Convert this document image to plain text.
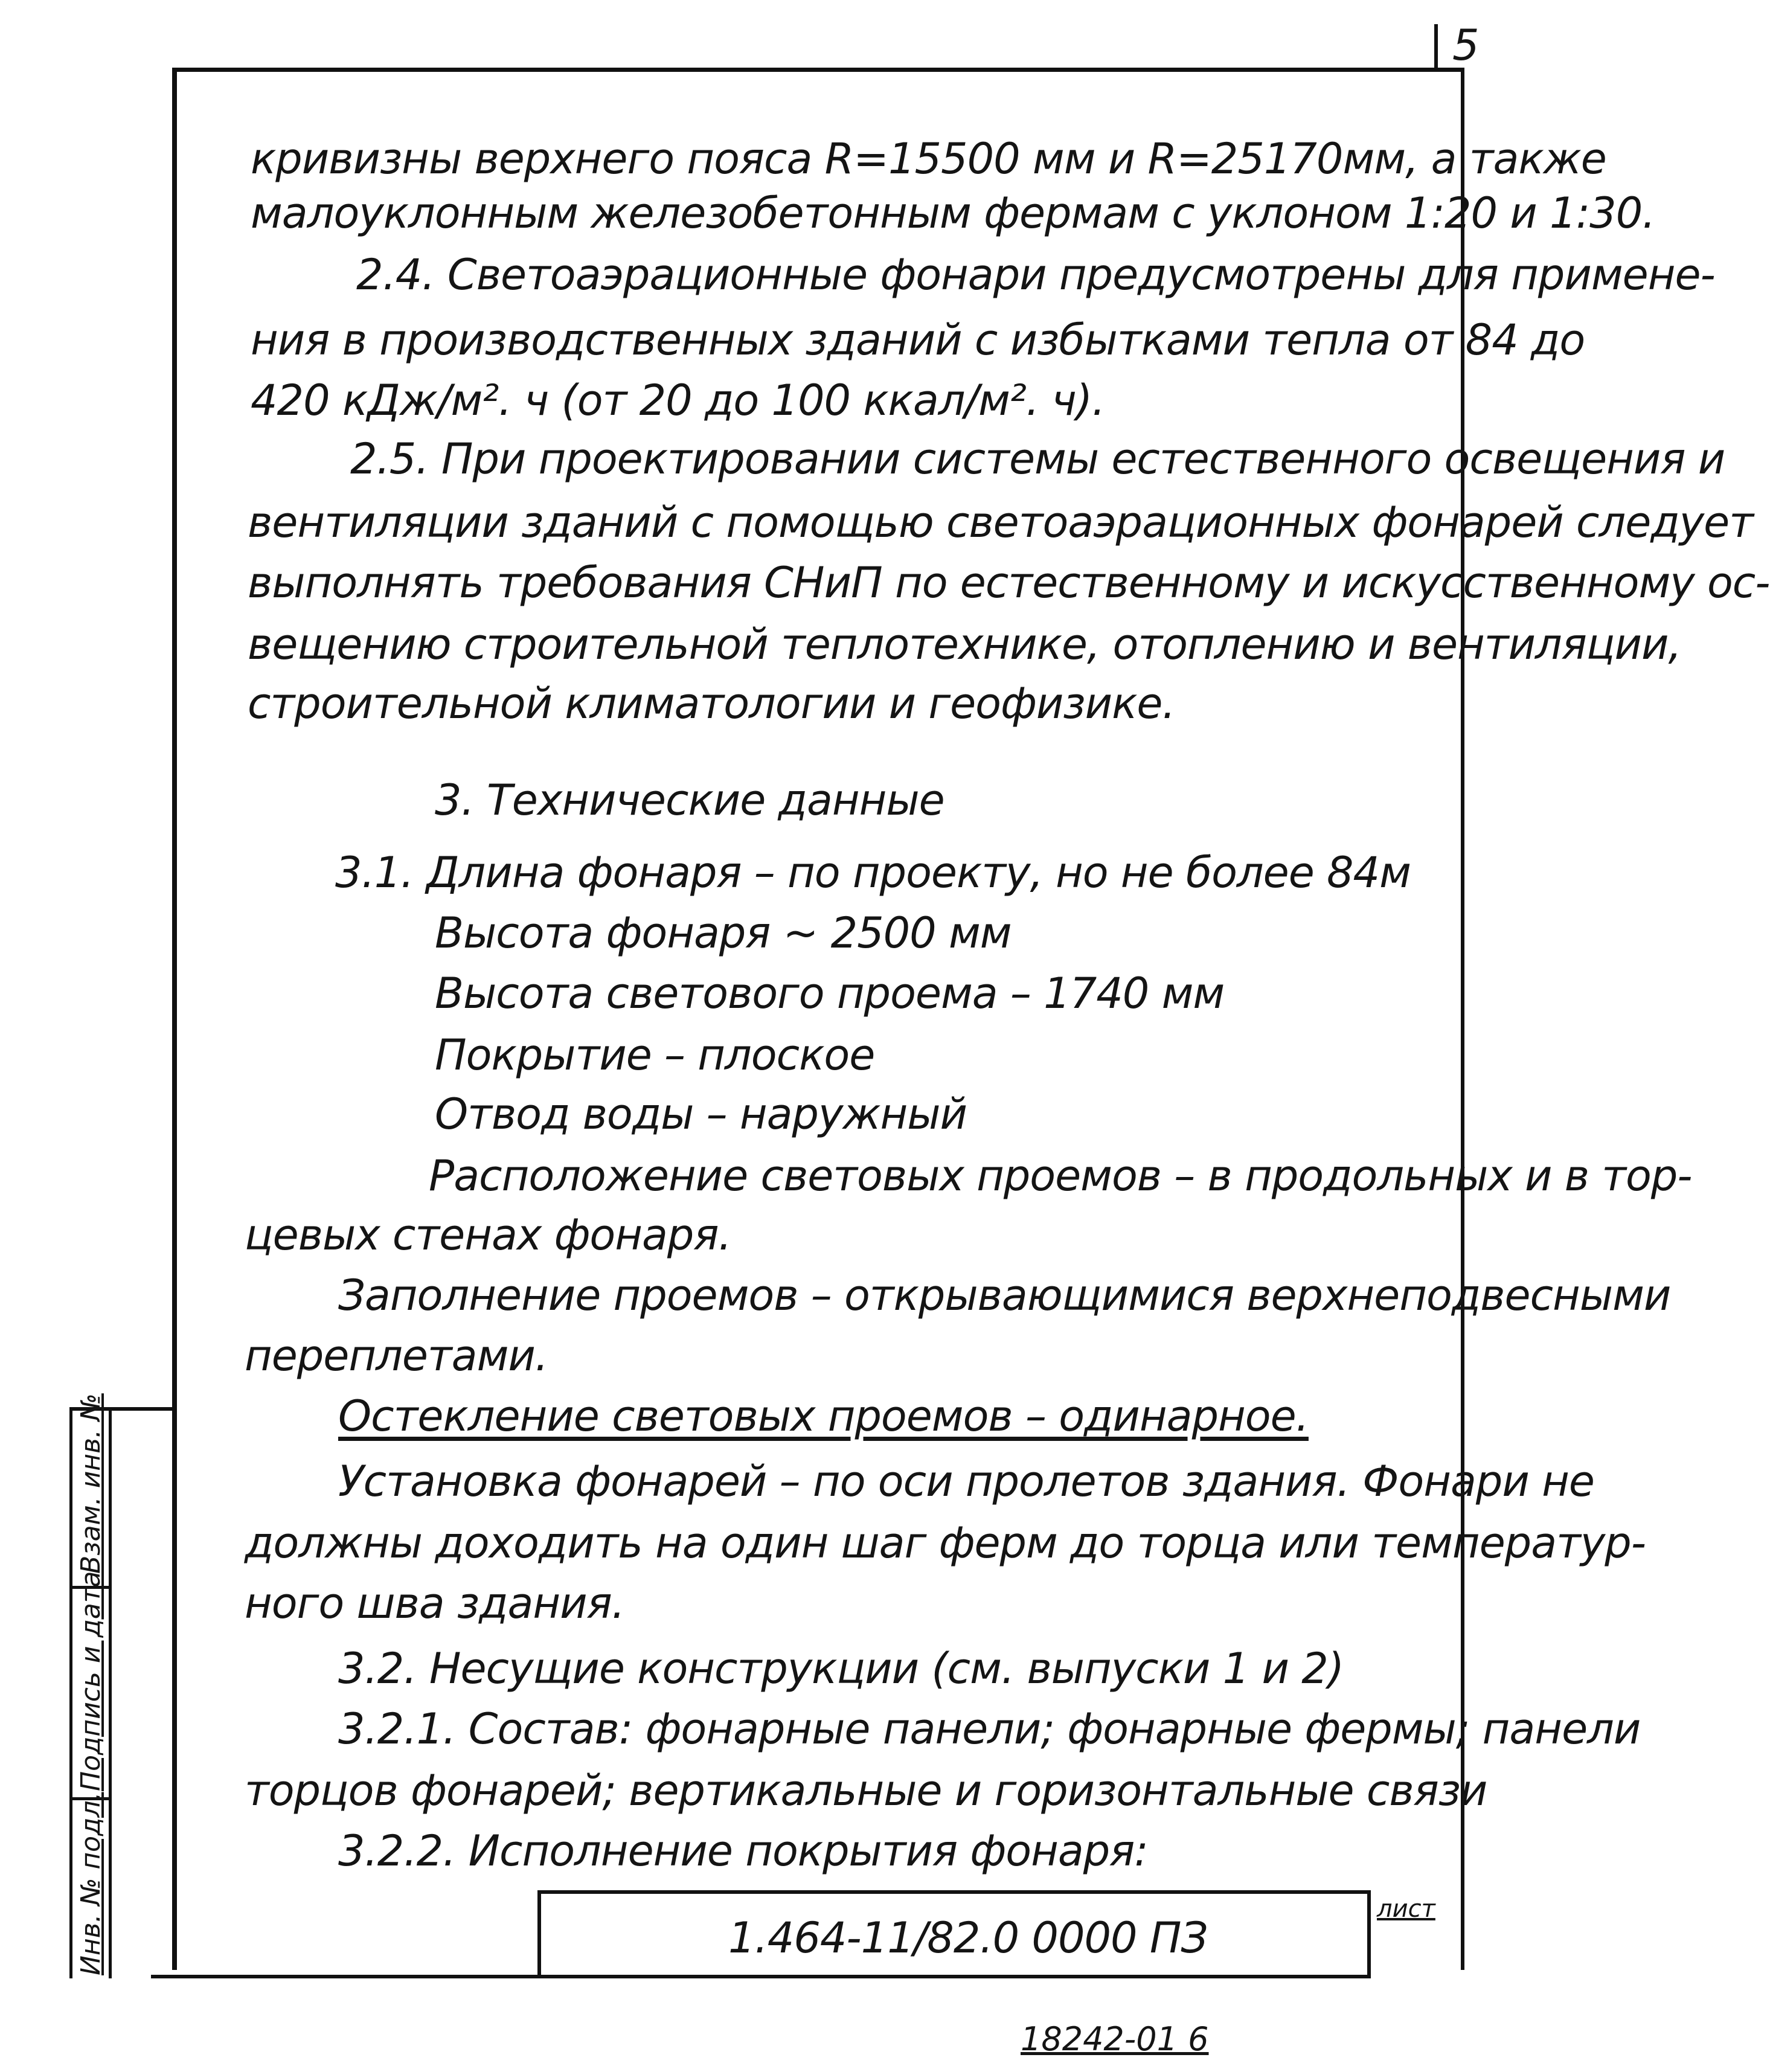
5
кривизны верхнего пояса R=15500 мм и R=25170мм, а также
малоуклонным железобетонным фермам с уклоном 1:20 и 1:30.
2.4. Светоаэрационные фонари предусмотрены для примене-
ния в производственных зданий с избытками тепла от 84 до
420 кДж/м². ч (от 20 до 100 ккал/м². ч).
2.5. При проектировании системы естественного освещения и
вентиляции зданий с помощью светоаэрационных фонарей следует
выполнять требования СНиП по естественному и искусственному ос-
вещению строительной теплотехнике, отоплению и вентиляции,
строительной климатологии и геофизике.
3. Технические данные
3.1. Длина фонаря – по проекту, но не более 84м
Высота фонаря ~ 2500 мм
Высота светового проема – 1740 мм
Покрытие – плоское
Отвод воды – наружный
Расположение световых проемов – в продольных и в тор-
цевых стенах фонаря.
Заполнение проемов – открывающимися верхнеподвесными
переплетами.
Остекление световых проемов – одинарное.
Установка фонарей – по оси пролетов здания. Фонари не
должны доходить на один шаг ферм до торца или температур-
ного шва здания.
3.2. Несущие конструкции (см. выпуски 1 и 2)
3.2.1. Состав: фонарные панели; фонарные фермы; панели
торцов фонарей; вертикальные и горизонтальные связи
3.2.2. Исполнение покрытия фонаря:
1.464-11/82.0 0000 ПЗ
лист
Взам. инв. №
Подпись и дата
Инв. № подл.
18242-01 6
